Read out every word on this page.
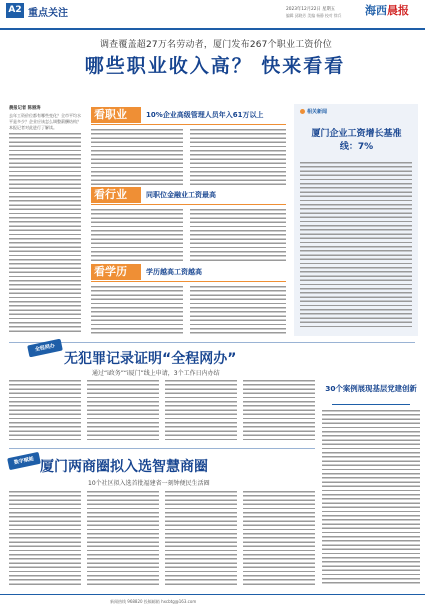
A2 重点关注	2023年12月22日 星期五
编辑 邱晓芳 美编 杨静 校对 徐兵 海西晨报
调查覆盖超27万名劳动者，厦门发布267个职业工资价位
哪些职业收入高？ 快来看看
晨报记者 陈丽涛
去年工资价位都有哪些变化？全市平均水平是多少？企业应该怎么调整薪酬结构？本报记者对此进行了解读。
看职业	10%企业高级管理人员年入61万以上
看行业	同职位金融业工资最高
看学历	学历越高工资越高
相关新闻
厦门企业工资增长基准线：7%
全程网办
无犯罪记录证明“全程网办”
通过“i政务”“i厦门”线上申请，3个工作日内办结
数字赋能 厦门两商圈拟入选智慧商圈
10个社区拟入选首批福建省一刻钟便民生活圈
30个案例展现基层党建创新
新闻热线 968820 投稿邮箱 hxcbtg@163.com
